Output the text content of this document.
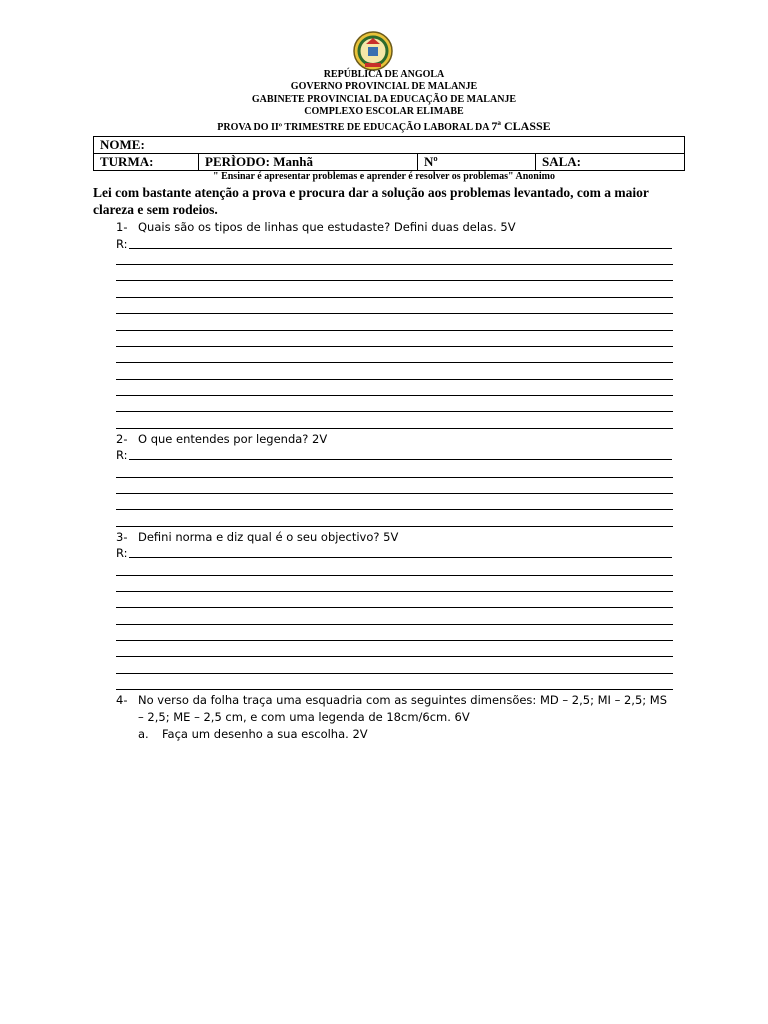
REPÚBLICA DE ANGOLA
GOVERNO PROVINCIAL DE MALANJE
GABINETE PROVINCIAL DA EDUCAÇÃO DE MALANJE
COMPLEXO ESCOLAR ELIMABE
PROVA DO IIº TRIMESTRE DE EDUCAÇÃO LABORAL DA 7ª CLASSE
NOME:
TURMA:	PERÌODO: Manhã	Nº	SALA:
" Ensinar é apresentar problemas e aprender é resolver os problemas" Anonimo
Lei com bastante atenção a prova e procura dar a solução aos problemas levantado, com a maior clareza e sem rodeios.
1- Quais são os tipos de linhas que estudaste? Defini duas delas. 5V
R:
2- O que entendes por legenda? 2V
R:
3- Defini norma e diz qual é o seu objectivo? 5V
R:
4- No verso da folha traça uma esquadria com as seguintes dimensões: MD – 2,5; MI – 2,5; MS – 2,5; ME – 2,5 cm, e com uma legenda de 18cm/6cm. 6V
a. Faça um desenho a sua escolha. 2V
